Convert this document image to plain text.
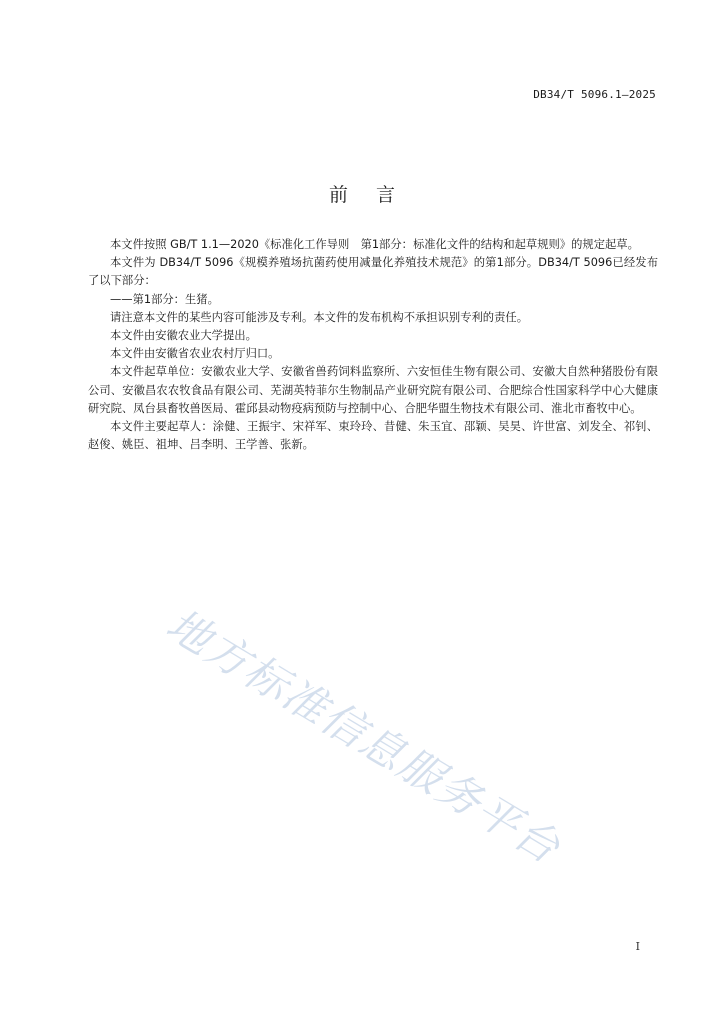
DB34/T 5096.1—2025
前言

本文件按照 GB/T 1.1—2020《标准化工作导则　第1部分：标准化文件的结构和起草规则》的规定起草。

本文件为 DB34/T 5096《规模养殖场抗菌药使用减量化养殖技术规范》的第1部分。DB34/T 5096已经发布了以下部分：

——第1部分：生猪。

请注意本文件的某些内容可能涉及专利。本文件的发布机构不承担识别专利的责任。

本文件由安徽农业大学提出。

本文件由安徽省农业农村厅归口。

本文件起草单位：安徽农业大学、安徽省兽药饲料监察所、六安恒佳生物有限公司、安徽大自然种猪股份有限公司、安徽昌农农牧食品有限公司、芜湖英特菲尔生物制品产业研究院有限公司、合肥综合性国家科学中心大健康研究院、凤台县畜牧兽医局、霍邱县动物疫病预防与控制中心、合肥华盟生物技术有限公司、淮北市畜牧中心。

本文件主要起草人：涂健、王振宇、宋祥军、束玲玲、昔健、朱玉宜、邵颖、吴昊、许世富、刘发全、祁钊、赵俊、姚臣、祖坤、吕李明、王学善、张新。

地方标准信息服务平台
I
